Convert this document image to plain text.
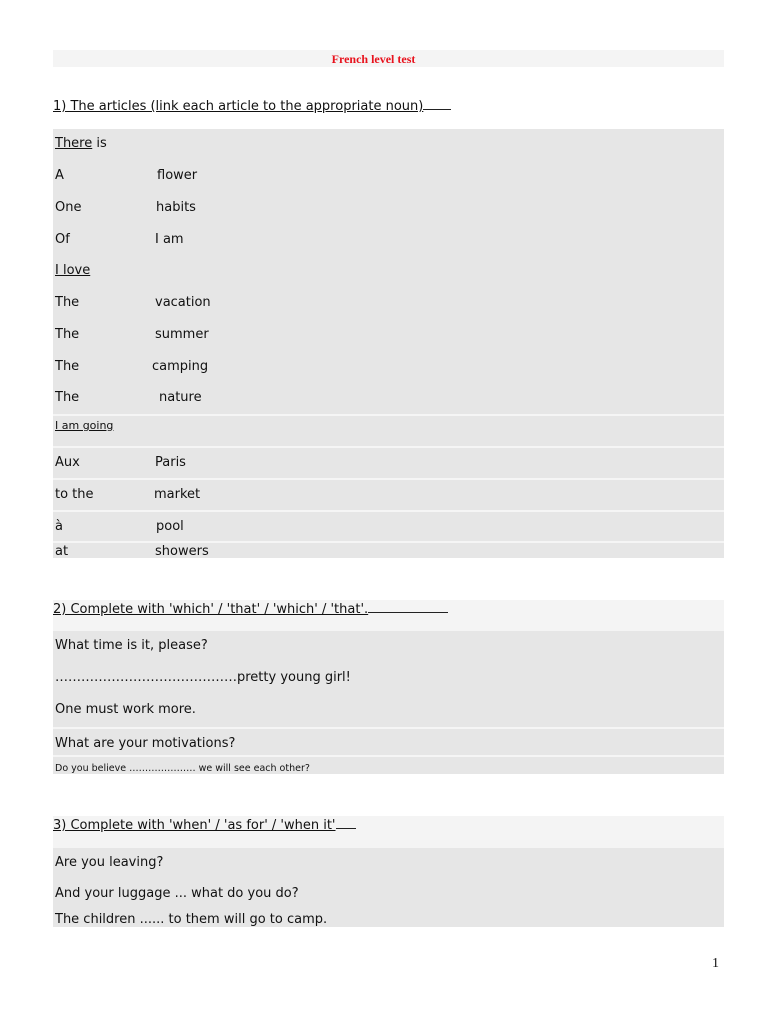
French level test
1) The articles (link each article to the appropriate noun)
There is
A	flower
One	habits
Of	I am
I love
The	vacation
The	summer
The	camping
The	nature
I am going
Aux	Paris
to the	market
à	pool
at	showers
2) Complete with 'which' / 'that' / 'which' / 'that'.
What time is it, please?
……………………………………pretty young girl!
One must work more.
What are your motivations?
Do you believe ………………… we will see each other?
3) Complete with 'when' / 'as for' / 'when it'
Are you leaving?
And your luggage ... what do you do?
The children ...... to them will go to camp.
1
